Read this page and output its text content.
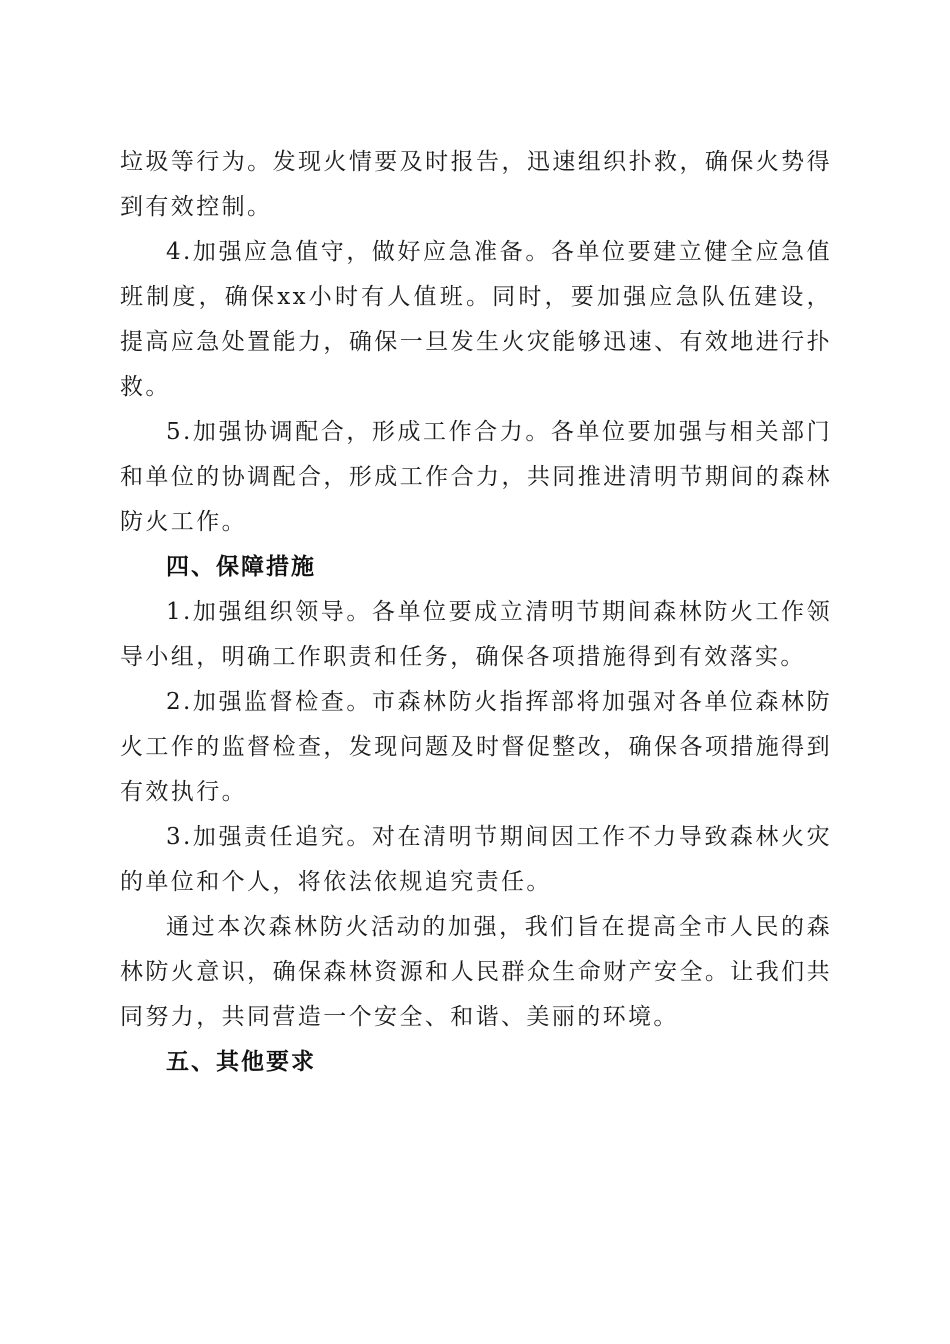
垃圾等行为。发现火情要及时报告，迅速组织扑救，确保火势得到有效控制。

4.加强应急值守，做好应急准备。各单位要建立健全应急值班制度，确保xx小时有人值班。同时，要加强应急队伍建设，提高应急处置能力，确保一旦发生火灾能够迅速、有效地进行扑救。

5.加强协调配合，形成工作合力。各单位要加强与相关部门和单位的协调配合，形成工作合力，共同推进清明节期间的森林防火工作。

四、保障措施

1.加强组织领导。各单位要成立清明节期间森林防火工作领导小组，明确工作职责和任务，确保各项措施得到有效落实。

2.加强监督检查。市森林防火指挥部将加强对各单位森林防火工作的监督检查，发现问题及时督促整改，确保各项措施得到有效执行。

3.加强责任追究。对在清明节期间因工作不力导致森林火灾的单位和个人，将依法依规追究责任。

通过本次森林防火活动的加强，我们旨在提高全市人民的森林防火意识，确保森林资源和人民群众生命财产安全。让我们共同努力，共同营造一个安全、和谐、美丽的环境。

五、其他要求
